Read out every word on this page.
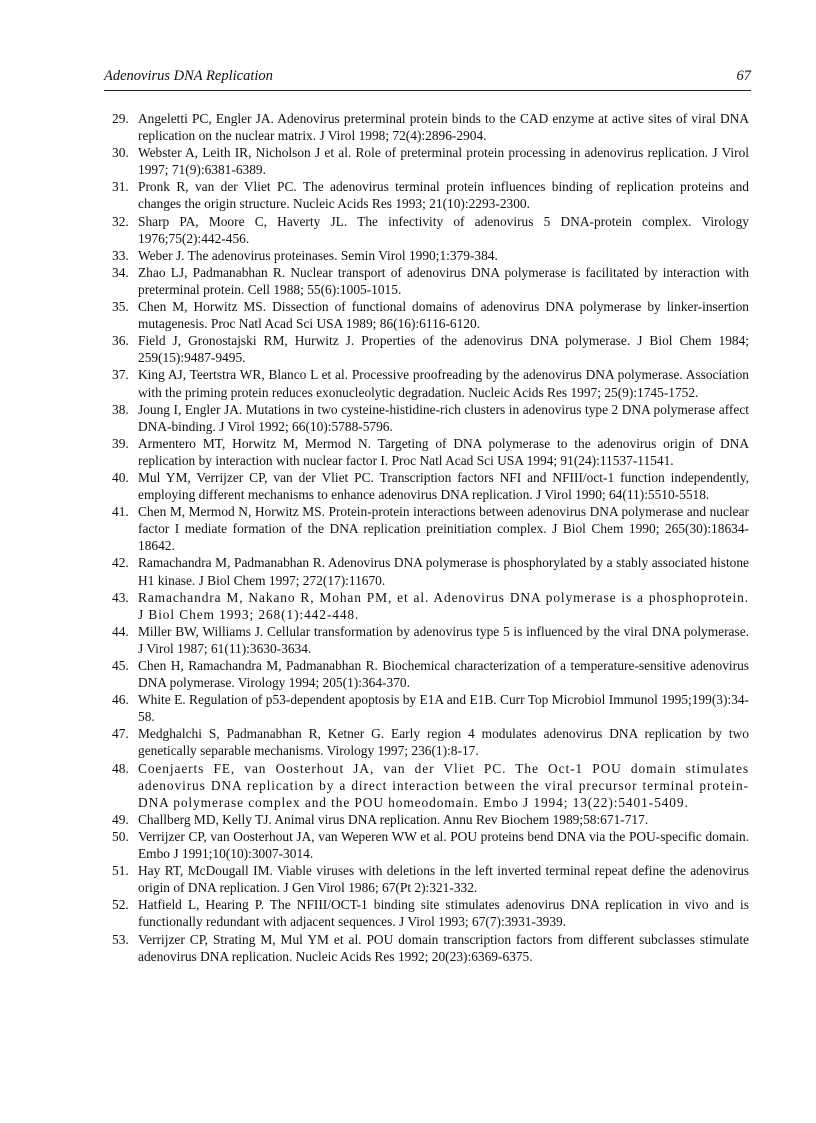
Adenovirus DNA Replication	67
29. Angeletti PC, Engler JA. Adenovirus preterminal protein binds to the CAD enzyme at active sites of viral DNA replication on the nuclear matrix. J Virol 1998; 72(4):2896-2904.
30. Webster A, Leith IR, Nicholson J et al. Role of preterminal protein processing in adenovirus replication. J Virol 1997; 71(9):6381-6389.
31. Pronk R, van der Vliet PC. The adenovirus terminal protein influences binding of replication proteins and changes the origin structure. Nucleic Acids Res 1993; 21(10):2293-2300.
32. Sharp PA, Moore C, Haverty JL. The infectivity of adenovirus 5 DNA-protein complex. Virology 1976;75(2):442-456.
33. Weber J. The adenovirus proteinases. Semin Virol 1990;1:379-384.
34. Zhao LJ, Padmanabhan R. Nuclear transport of adenovirus DNA polymerase is facilitated by interaction with preterminal protein. Cell 1988; 55(6):1005-1015.
35. Chen M, Horwitz MS. Dissection of functional domains of adenovirus DNA polymerase by linker-insertion mutagenesis. Proc Natl Acad Sci USA 1989; 86(16):6116-6120.
36. Field J, Gronostajski RM, Hurwitz J. Properties of the adenovirus DNA polymerase. J Biol Chem 1984; 259(15):9487-9495.
37. King AJ, Teertstra WR, Blanco L et al. Processive proofreading by the adenovirus DNA polymerase. Association with the priming protein reduces exonucleolytic degradation. Nucleic Acids Res 1997; 25(9):1745-1752.
38. Joung I, Engler JA. Mutations in two cysteine-histidine-rich clusters in adenovirus type 2 DNA polymerase affect DNA-binding. J Virol 1992; 66(10):5788-5796.
39. Armentero MT, Horwitz M, Mermod N. Targeting of DNA polymerase to the adenovirus origin of DNA replication by interaction with nuclear factor I. Proc Natl Acad Sci USA 1994; 91(24):11537-11541.
40. Mul YM, Verrijzer CP, van der Vliet PC. Transcription factors NFI and NFIII/oct-1 function independently, employing different mechanisms to enhance adenovirus DNA replication. J Virol 1990; 64(11):5510-5518.
41. Chen M, Mermod N, Horwitz MS. Protein-protein interactions between adenovirus DNA polymerase and nuclear factor I mediate formation of the DNA replication preinitiation complex. J Biol Chem 1990; 265(30):18634-18642.
42. Ramachandra M, Padmanabhan R. Adenovirus DNA polymerase is phosphorylated by a stably associated histone H1 kinase. J Biol Chem 1997; 272(17):11670.
43. Ramachandra M, Nakano R, Mohan PM, et al. Adenovirus DNA polymerase is a phosphoprotein. J Biol Chem 1993; 268(1):442-448.
44. Miller BW, Williams J. Cellular transformation by adenovirus type 5 is influenced by the viral DNA polymerase. J Virol 1987; 61(11):3630-3634.
45. Chen H, Ramachandra M, Padmanabhan R. Biochemical characterization of a temperature-sensitive adenovirus DNA polymerase. Virology 1994; 205(1):364-370.
46. White E. Regulation of p53-dependent apoptosis by E1A and E1B. Curr Top Microbiol Immunol 1995;199(3):34-58.
47. Medghalchi S, Padmanabhan R, Ketner G. Early region 4 modulates adenovirus DNA replication by two genetically separable mechanisms. Virology 1997; 236(1):8-17.
48. Coenjaerts FE, van Oosterhout JA, van der Vliet PC. The Oct-1 POU domain stimulates adenovirus DNA replication by a direct interaction between the viral precursor terminal protein-DNA polymerase complex and the POU homeodomain. Embo J 1994; 13(22):5401-5409.
49. Challberg MD, Kelly TJ. Animal virus DNA replication. Annu Rev Biochem 1989;58:671-717.
50. Verrijzer CP, van Oosterhout JA, van Weperen WW et al. POU proteins bend DNA via the POU-specific domain. Embo J 1991;10(10):3007-3014.
51. Hay RT, McDougall IM. Viable viruses with deletions in the left inverted terminal repeat define the adenovirus origin of DNA replication. J Gen Virol 1986; 67(Pt 2):321-332.
52. Hatfield L, Hearing P. The NFIII/OCT-1 binding site stimulates adenovirus DNA replication in vivo and is functionally redundant with adjacent sequences. J Virol 1993; 67(7):3931-3939.
53. Verrijzer CP, Strating M, Mul YM et al. POU domain transcription factors from different subclasses stimulate adenovirus DNA replication. Nucleic Acids Res 1992; 20(23):6369-6375.
